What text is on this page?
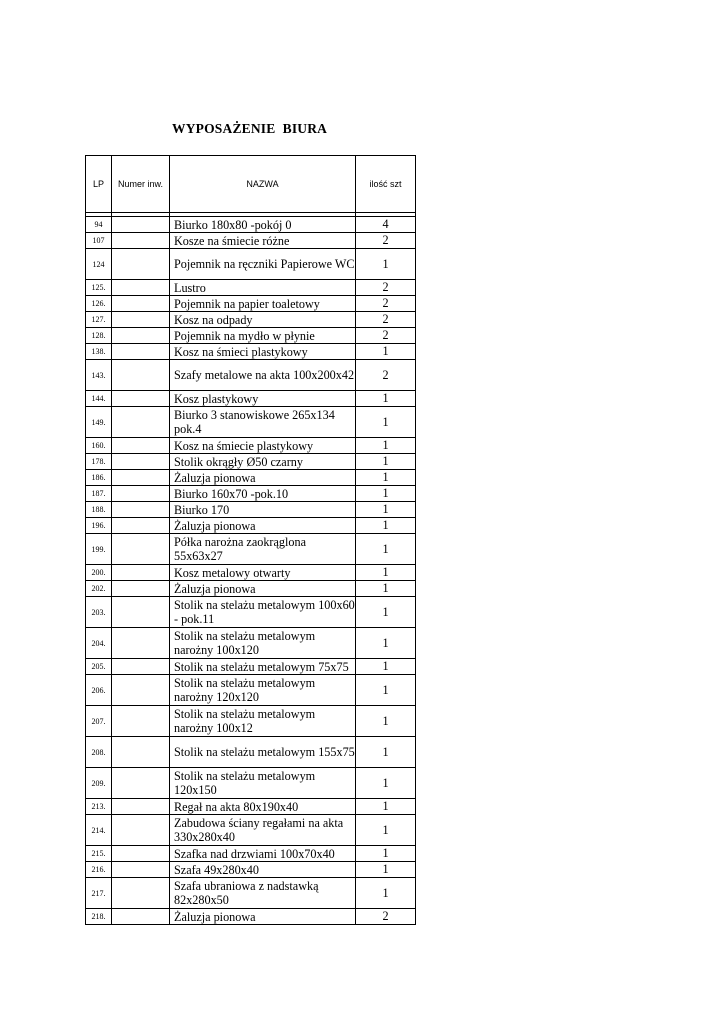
WYPOSAŻENIE  BIURA
LP	Numer inw.	NAZWA	ilość szt

94		Biurko 180x80 -pokój 0	4
107		Kosze na śmiecie różne	2
124		Pojemnik na ręczniki Papierowe WC	1
125.		Lustro	2
126.		Pojemnik na papier toaletowy	2
127.		Kosz na odpady	2
128.		Pojemnik na mydło w płynie	2
138.		Kosz na śmieci plastykowy	1
143.		Szafy metalowe na akta 100x200x42	2
144.		Kosz plastykowy	1
149.		Biurko 3 stanowiskowe 265x134 pok.4	1
160.		Kosz na śmiecie plastykowy	1
178.		Stolik okrągły Ø50 czarny	1
186.		Żaluzja pionowa	1
187.		Biurko 160x70 -pok.10	1
188.		Biurko 170	1
196.		Żaluzja pionowa	1
199.		Półka narożna zaokrąglona 55x63x27	1
200.		Kosz metalowy otwarty	1
202.		Żaluzja pionowa	1
203.		Stolik na stelażu metalowym 100x60 - pok.11	1
204.		Stolik na stelażu metalowym narożny 100x120	1
205.		Stolik na stelażu metalowym 75x75	1
206.		Stolik na stelażu metalowym narożny 120x120	1
207.		Stolik na stelażu metalowym narożny 100x12	1
208.		Stolik na stelażu metalowym 155x75	1
209.		Stolik na stelażu metalowym 120x150	1
213.		Regał na akta 80x190x40	1
214.		Zabudowa ściany regałami na akta 330x280x40	1
215.		Szafka nad drzwiami 100x70x40	1
216.		Szafa 49x280x40	1
217.		Szafa ubraniowa z nadstawką 82x280x50	1
218.		Żaluzja pionowa	2
